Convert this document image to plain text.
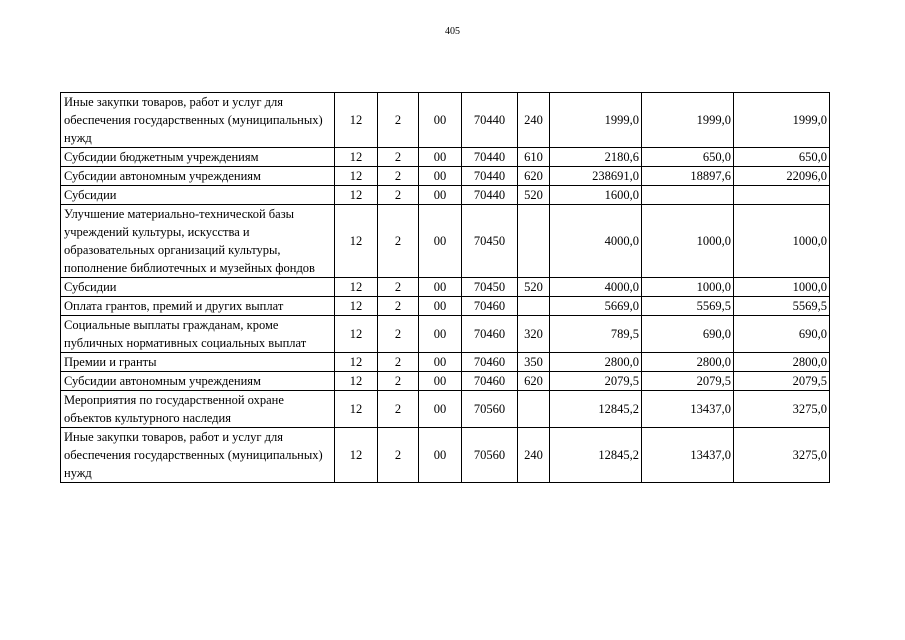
405
Иные закупки товаров, работ и услуг для обеспечения государственных (муниципальных) нужд	12	2	00	70440	240	1999,0	1999,0	1999,0
Субсидии бюджетным учреждениям	12	2	00	70440	610	2180,6	650,0	650,0
Субсидии автономным учреждениям	12	2	00	70440	620	238691,0	18897,6	22096,0
Субсидии	12	2	00	70440	520	1600,0		
Улучшение материально-технической базы учреждений культуры, искусства и образовательных организаций культуры, пополнение библиотечных и музейных фондов	12	2	00	70450		4000,0	1000,0	1000,0
Субсидии	12	2	00	70450	520	4000,0	1000,0	1000,0
Оплата грантов, премий и других выплат	12	2	00	70460		5669,0	5569,5	5569,5
Социальные выплаты гражданам, кроме публичных нормативных социальных выплат	12	2	00	70460	320	789,5	690,0	690,0
Премии и гранты	12	2	00	70460	350	2800,0	2800,0	2800,0
Субсидии автономным учреждениям	12	2	00	70460	620	2079,5	2079,5	2079,5
Мероприятия по государственной охране объектов культурного наследия	12	2	00	70560		12845,2	13437,0	3275,0
Иные закупки товаров, работ и услуг для обеспечения государственных (муниципальных) нужд	12	2	00	70560	240	12845,2	13437,0	3275,0
